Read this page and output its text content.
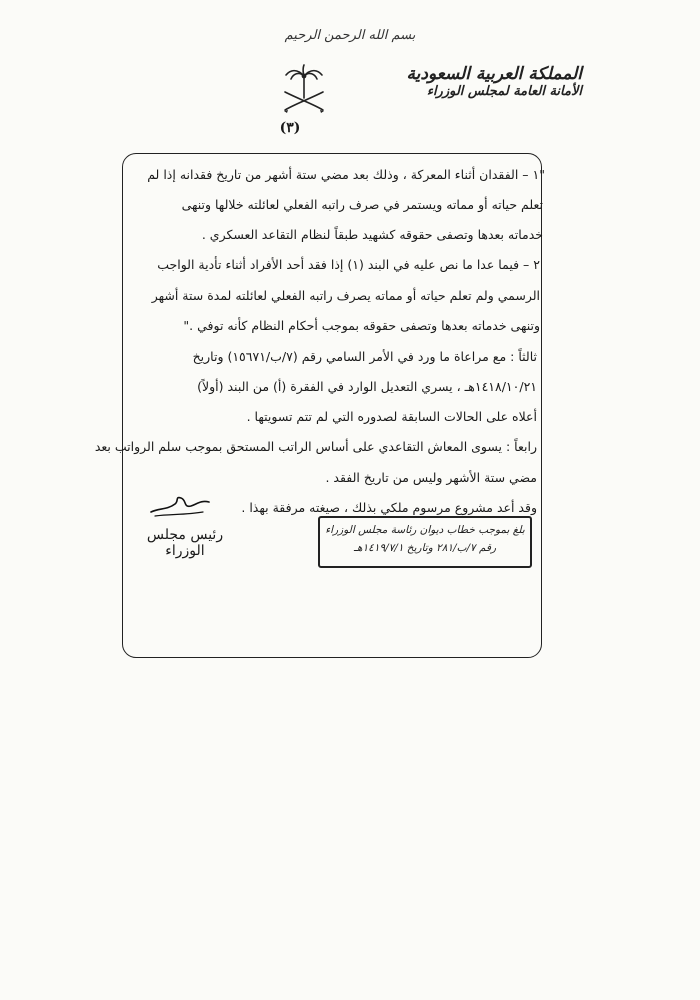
بسم الله الرحمن الرحيم
المملكة العربية السعودية
الأمانة العامة لمجلس الوزراء
(٣)
"١ – الفقدان أثناء المعركة ، وذلك بعد مضي ستة أشهر من تاريخ فقدانه إذا لم
تعلم حياته أو مماته ويستمر في صرف راتبه الفعلي لعائلته خلالها وتنهى
خدماته بعدها وتصفى حقوقه كشهيد طبقاً لنظام التقاعد العسكري .
٢ – فيما عدا ما نص عليه في البند (١) إذا فقد أحد الأفراد أثناء تأدية الواجب
الرسمي ولم تعلم حياته أو مماته يصرف راتبه الفعلي لعائلته لمدة ستة أشهر
وتنهى خدماته بعدها وتصفى حقوقه بموجب أحكام النظام كأنه توفي ."
ثالثاً : مع مراعاة ما ورد في الأمر السامي رقم (٧/ب/١٥٦٧١) وتاريخ
١٤١٨/١٠/٢١هـ ، يسري التعديل الوارد في الفقرة (أ) من البند (أولاً)
أعلاه على الحالات السابقة لصدوره التي لم تتم تسويتها .
رابعاً : يسوى المعاش التقاعدي على أساس الراتب المستحق بموجب سلم الرواتب بعد
مضي ستة الأشهر وليس من تاريخ الفقد .
وقد أعد مشروع مرسوم ملكي بذلك ، صيغته مرفقة بهذا .
رئيس مجلس الوزراء
بلغ بموجب خطاب ديوان رئاسة مجلس الوزراء
رقم ٧/ب/٢٨١ وتاريخ ١٤١٩/٧/١هـ
